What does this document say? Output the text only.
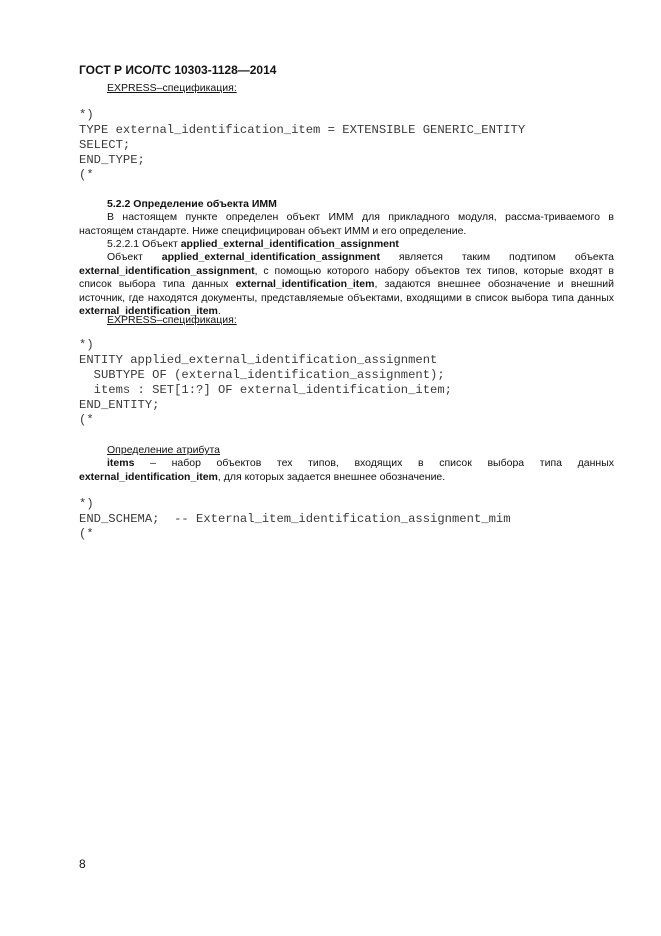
ГОСТ Р ИСО/ТС 10303-1128—2014
EXPRESS–спецификация:
*)
TYPE external_identification_item = EXTENSIBLE GENERIC_ENTITY
SELECT;
END_TYPE;
(*
5.2.2 Определение объекта ИММ
В настоящем пункте определен объект ИММ для прикладного модуля, рассма-триваемого в настоящем стандарте. Ниже специфицирован объект ИММ и его определение.
5.2.2.1 Объект applied_external_identification_assignment
Объект applied_external_identification_assignment является таким подтипом объекта external_identification_assignment, с помощью которого набору объектов тех типов, которые входят в список выбора типа данных external_identification_item, задаются внешнее обозначение и внешний источник, где находятся документы, представляемые объектами, входящими в список выбора типа данных external_identification_item.
EXPRESS–спецификация:
*)
ENTITY applied_external_identification_assignment
SUBTYPE OF (external_identification_assignment);
items : SET[1:?] OF external_identification_item;
END_ENTITY;
(*
Определение атрибута
items – набор объектов тех типов, входящих в список выбора типа данных external_identification_item, для которых задается внешнее обозначение.
*)
END_SCHEMA;  -- External_item_identification_assignment_mim
(*
8
